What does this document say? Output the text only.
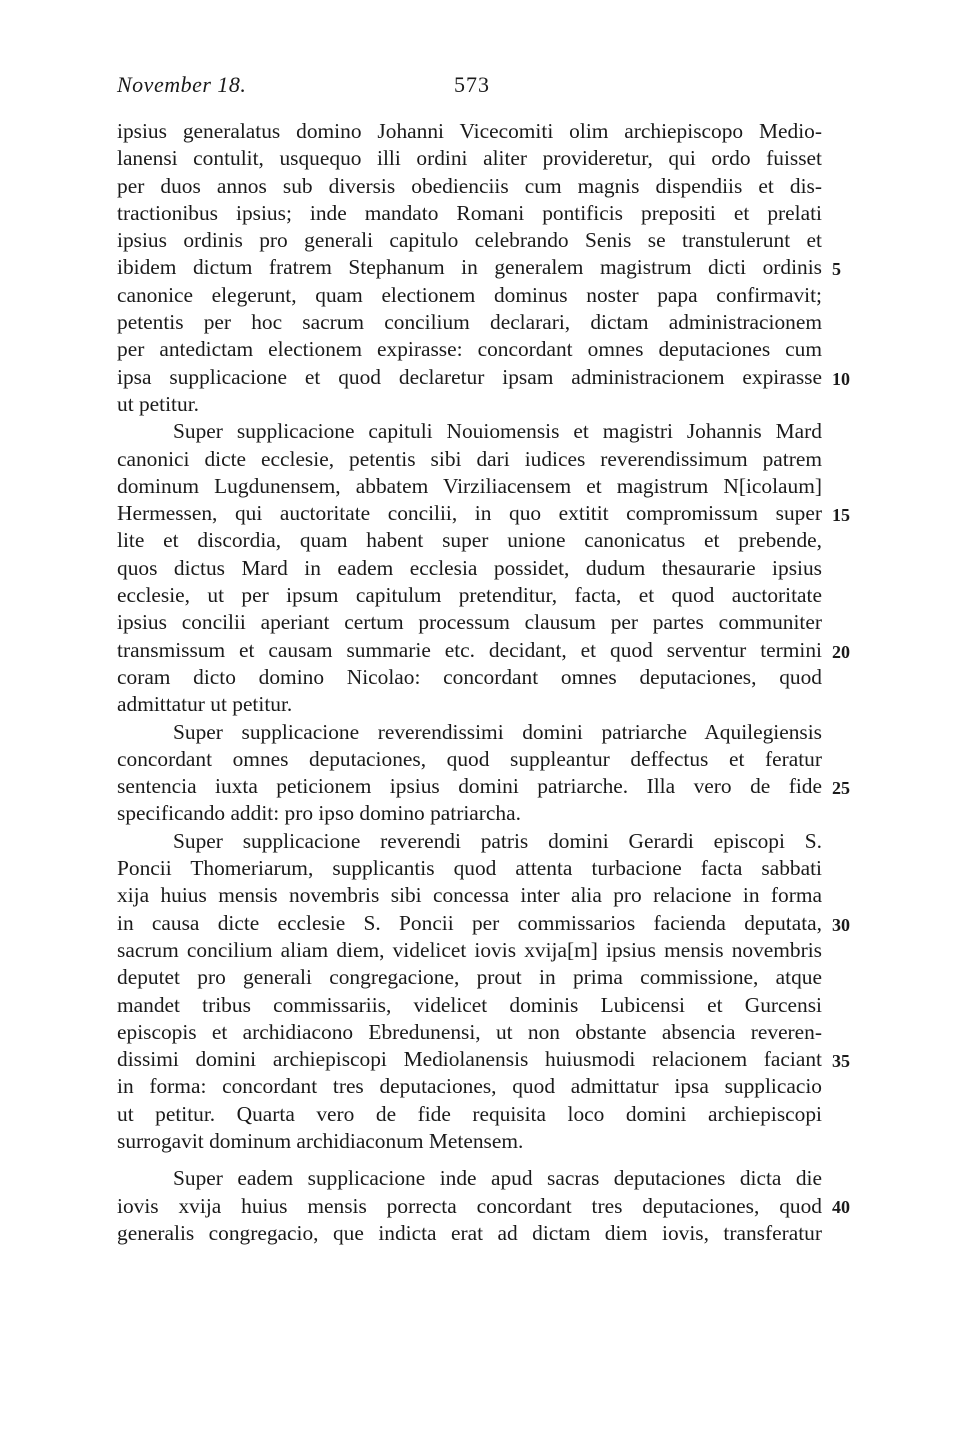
November 18.	573
ipsius generalatus domino Johanni Vicecomiti olim archiepiscopo Medio-
lanensi contulit, usquequo illi ordini aliter provideretur, qui ordo fuisset
per duos annos sub diversis obedienciis cum magnis dispendiis et dis-
tractionibus ipsius; inde mandato Romani pontificis prepositi et prelati
ipsius ordinis pro generali capitulo celebrando Senis se transtulerunt et
ibidem dictum fratrem Stephanum in generalem magistrum dicti ordinis
canonice elegerunt, quam electionem dominus noster papa confirmavit;
petentis per hoc sacrum concilium declarari, dictam administracionem
per antedictam electionem expirasse: concordant omnes deputaciones cum
ipsa supplicacione et quod declaretur ipsam administracionem expirasse
ut petitur.
Super supplicacione capituli Nouiomensis et magistri Johannis Mard
canonici dicte ecclesie, petentis sibi dari iudices reverendissimum patrem
dominum Lugdunensem, abbatem Virziliacensem et magistrum N[icolaum]
Hermessen, qui auctoritate concilii, in quo extitit compromissum super
lite et discordia, quam habent super unione canonicatus et prebende,
quos dictus Mard in eadem ecclesia possidet, dudum thesaurarie ipsius
ecclesie, ut per ipsum capitulum pretenditur, facta, et quod auctoritate
ipsius concilii aperiant certum processum clausum per partes communiter
transmissum et causam summarie etc. decidant, et quod serventur termini
coram dicto domino Nicolao: concordant omnes deputaciones, quod
admittatur ut petitur.
Super supplicacione reverendissimi domini patriarche Aquilegiensis
concordant omnes deputaciones, quod suppleantur deffectus et feratur
sentencia iuxta peticionem ipsius domini patriarche. Illa vero de fide
specificando addit: pro ipso domino patriarcha.
Super supplicacione reverendi patris domini Gerardi episcopi S.
Poncii Thomeriarum, supplicantis quod attenta turbacione facta sabbati
xija huius mensis novembris sibi concessa inter alia pro relacione in forma
in causa dicte ecclesie S. Poncii per commissarios facienda deputata,
sacrum concilium aliam diem, videlicet iovis xvija[m] ipsius mensis novembris
deputet pro generali congregacione, prout in prima commissione, atque
mandet tribus commissariis, videlicet dominis Lubicensi et Gurcensi
episcopis et archidiacono Ebredunensi, ut non obstante absencia reveren-
dissimi domini archiepiscopi Mediolanensis huiusmodi relacionem faciant
in forma: concordant tres deputaciones, quod admittatur ipsa supplicacio
ut petitur. Quarta vero de fide requisita loco domini archiepiscopi
surrogavit dominum archidiaconum Metensem.
Super eadem supplicacione inde apud sacras deputaciones dicta die
iovis xvija huius mensis porrecta concordant tres deputaciones, quod
generalis congregacio, que indicta erat ad dictam diem iovis, transferatur
5
10
15
20
25
30
35
40
